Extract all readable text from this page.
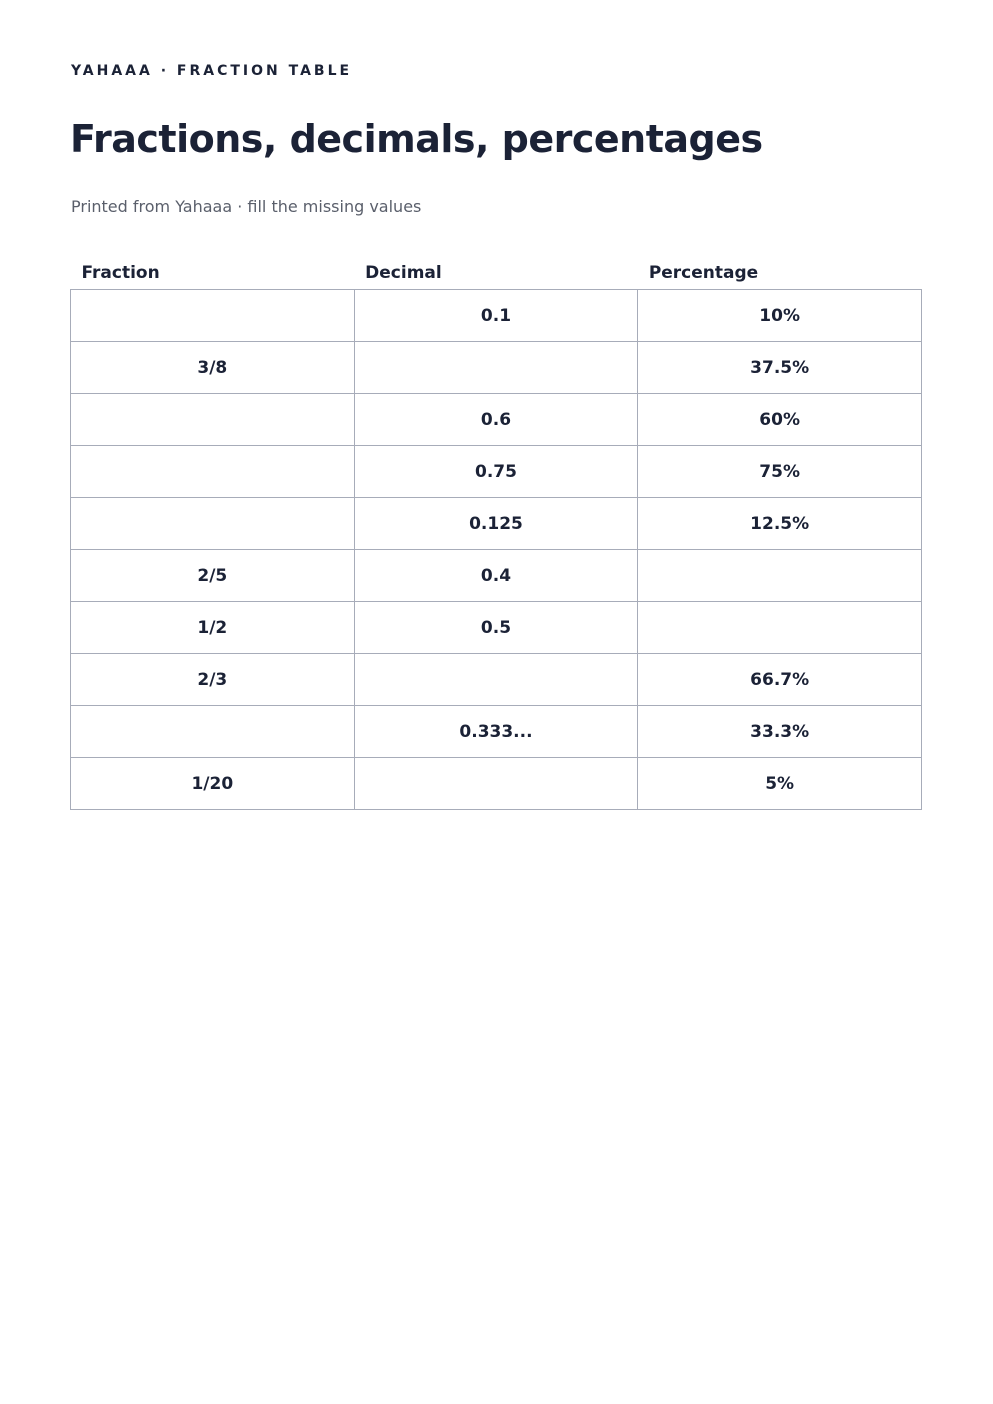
YAHAAA · FRACTION TABLE
Fractions, decimals, percentages
Printed from Yahaaa · fill the missing values
Fraction	Decimal	Percentage
	0.1	10%
3/8		37.5%
	0.6	60%
	0.75	75%
	0.125	12.5%
2/5	0.4	
1/2	0.5	
2/3		66.7%
	0.333...	33.3%
1/20		5%
